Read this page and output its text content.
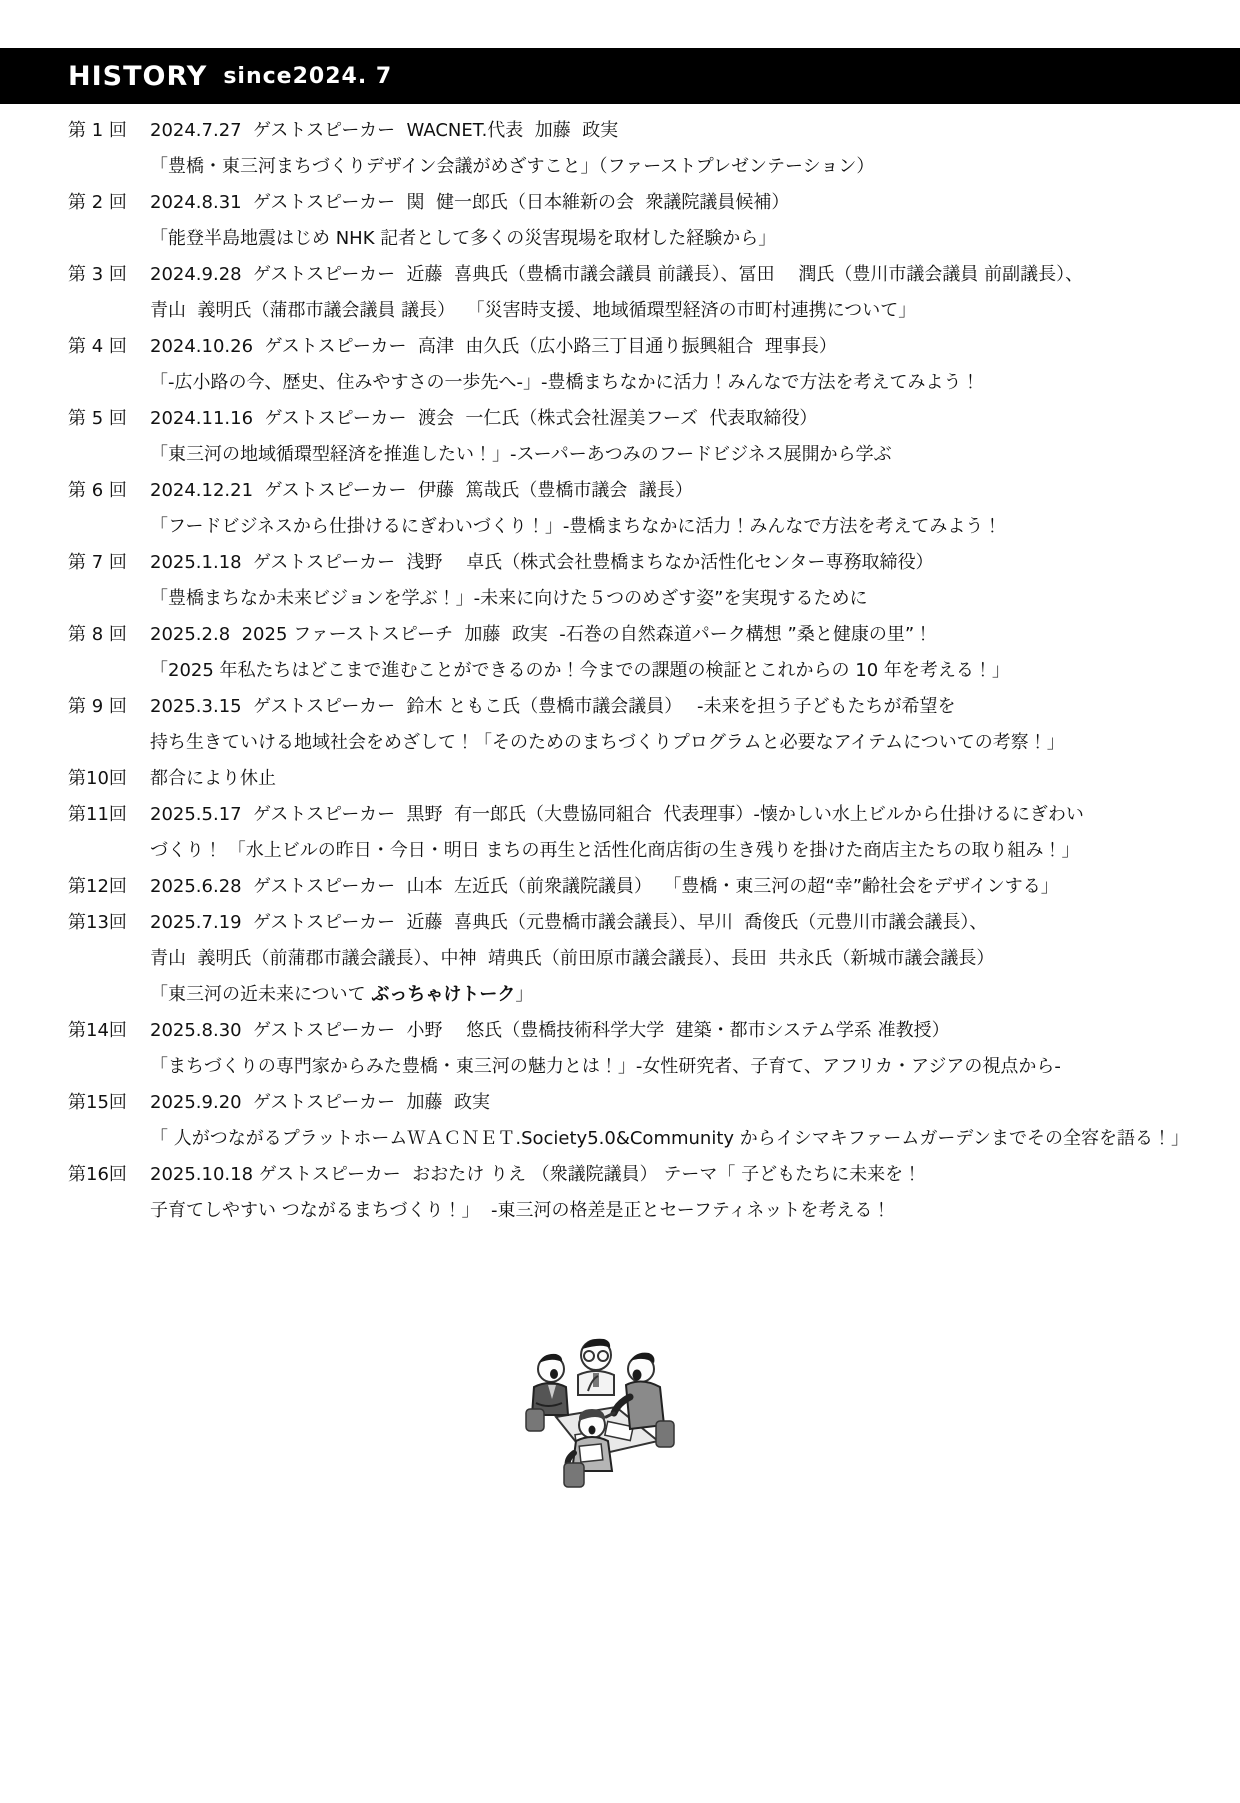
HISTORY since2024. 7
第 1 回	2024.7.27  ゲストスピーカー  WACNET.代表  加藤  政実
「豊橋・東三河まちづくりデザイン会議がめざすこと」（ファーストプレゼンテーション）
第 2 回	2024.8.31  ゲストスピーカー  関  健一郎氏（日本維新の会  衆議院議員候補）
「能登半島地震はじめ NHK 記者として多くの災害現場を取材した経験から」
第 3 回	2024.9.28  ゲストスピーカー  近藤  喜典氏（豊橋市議会議員 前議長）、冨田　 潤氏（豊川市議会議員 前副議長）、
青山  義明氏（蒲郡市議会議員 議長）  「災害時支援、地域循環型経済の市町村連携について」
第 4 回	2024.10.26  ゲストスピーカー  高津  由久氏（広小路三丁目通り振興組合  理事長）
「-広小路の今、歴史、住みやすさの一歩先へ-」-豊橋まちなかに活力！みんなで方法を考えてみよう！
第 5 回	2024.11.16  ゲストスピーカー  渡会  一仁氏（株式会社渥美フーズ  代表取締役）
「東三河の地域循環型経済を推進したい！」-スーパーあつみのフードビジネス展開から学ぶ
第 6 回	2024.12.21  ゲストスピーカー  伊藤  篤哉氏（豊橋市議会  議長）
「フードビジネスから仕掛けるにぎわいづくり！」-豊橋まちなかに活力！みんなで方法を考えてみよう！
第 7 回	2025.1.18  ゲストスピーカー  浅野　 卓氏（株式会社豊橋まちなか活性化センター専務取締役）
「豊橋まちなか未来ビジョンを学ぶ！」-未来に向けた５つのめざす姿”を実現するために
第 8 回	2025.2.8  2025 ファーストスピーチ  加藤  政実  -石巻の自然森道パーク構想 ”桑と健康の里”！
「2025 年私たちはどこまで進むことができるのか！今までの課題の検証とこれからの 10 年を考える！」
第 9 回	2025.3.15  ゲストスピーカー  鈴木 ともこ氏（豊橋市議会議員）　 -未来を担う子どもたちが希望を
持ち生きていける地域社会をめざして！「そのためのまちづくりプログラムと必要なアイテムについての考察！」
第10回	都合により休止
第11回	2025.5.17  ゲストスピーカー  黒野  有一郎氏（大豊協同組合  代表理事）-懐かしい水上ビルから仕掛けるにぎわい
づくり！ 「水上ビルの昨日・今日・明日 まちの再生と活性化商店街の生き残りを掛けた商店主たちの取り組み！」
第12回	2025.6.28  ゲストスピーカー  山本  左近氏（前衆議院議員）  「豊橋・東三河の超“幸”齢社会をデザインする」
第13回	2025.7.19  ゲストスピーカー  近藤  喜典氏（元豊橋市議会議長）、早川  喬俊氏（元豊川市議会議長）、
青山  義明氏（前蒲郡市議会議長）、中神  靖典氏（前田原市議会議長）、長田  共永氏（新城市議会議長）
「東三河の近未来について ぶっちゃけトーク」
第14回	2025.8.30  ゲストスピーカー  小野　 悠氏（豊橋技術科学大学  建築・都市システム学系 准教授）
「まちづくりの専門家からみた豊橋・東三河の魅力とは！」-女性研究者、子育て、アフリカ・アジアの視点から-
第15回	2025.9.20  ゲストスピーカー  加藤  政実
「 人がつながるプラットホームＷＡＣＮＥＴ.Society5.0&Community からイシマキファームガーデンまでその全容を語る！」
第16回	2025.10.18 ゲストスピーカー  おおたけ りえ （衆議院議員） テーマ「 子どもたちに未来を！
子育てしやすい つながるまちづくり！」  -東三河の格差是正とセーフティネットを考える！
